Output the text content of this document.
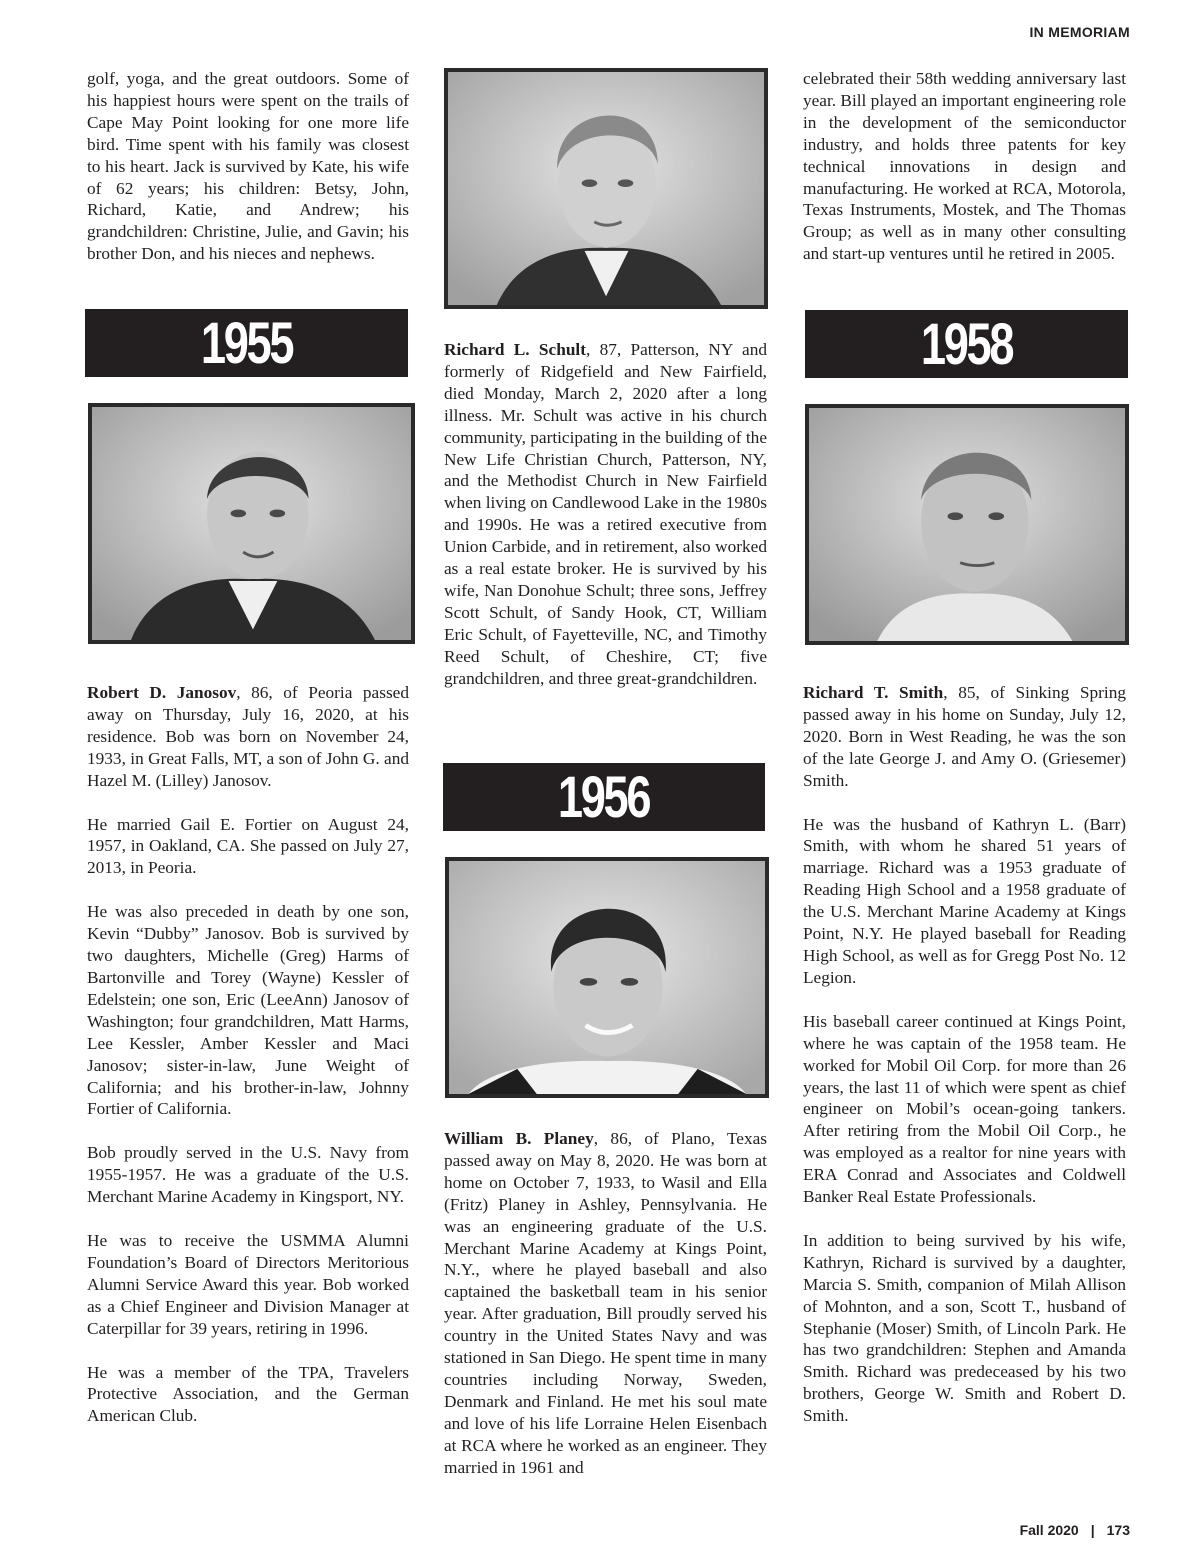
IN MEMORIAM

golf, yoga, and the great outdoors. Some of his happiest hours were spent on the trails of Cape May Point looking for one more life bird. Time spent with his family was closest to his heart. Jack is survived by Kate, his wife of 62 years; his children: Betsy, John, Richard, Katie, and Andrew; his grandchildren: Christine, Julie, and Gavin; his brother Don, and his nieces and nephews.

1955

Robert D. Janosov, 86, of Peoria passed away on Thursday, July 16, 2020, at his residence. Bob was born on November 24, 1933, in Great Falls, MT, a son of John G. and Hazel M. (Lilley) Janosov.

He married Gail E. Fortier on August 24, 1957, in Oakland, CA. She passed on July 27, 2013, in Peoria.

He was also preceded in death by one son, Kevin “Dubby” Janosov. Bob is survived by two daughters, Michelle (Greg) Harms of Bartonville and Torey (Wayne) Kessler of Edelstein; one son, Eric (LeeAnn) Janosov of Washington; four grandchildren, Matt Harms, Lee Kessler, Amber Kessler and Maci Janosov; sister-in-law, June Weight of California; and his brother-in-law, Johnny Fortier of California.

Bob proudly served in the U.S. Navy from 1955-1957. He was a graduate of the U.S. Merchant Marine Academy in Kingsport, NY.

He was to receive the USMMA Alumni Foundation’s Board of Directors Meritorious Alumni Service Award this year. Bob worked as a Chief Engineer and Division Manager at Caterpillar for 39 years, retiring in 1996.

He was a member of the TPA, Travelers Protective Association, and the German American Club.

Richard L. Schult, 87, Patterson, NY and formerly of Ridgefield and New Fairfield, died Monday, March 2, 2020 after a long illness. Mr. Schult was active in his church community, participating in the building of the New Life Christian Church, Patterson, NY, and the Methodist Church in New Fairfield when living on Candlewood Lake in the 1980s and 1990s. He was a retired executive from Union Carbide, and in retirement, also worked as a real estate broker. He is survived by his wife, Nan Donohue Schult; three sons, Jeffrey Scott Schult, of Sandy Hook, CT, William Eric Schult, of Fayetteville, NC, and Timothy Reed Schult, of Cheshire, CT; five grandchildren, and three great-grandchildren.

1956

William B. Planey, 86, of Plano, Texas passed away on May 8, 2020. He was born at home on October 7, 1933, to Wasil and Ella (Fritz) Planey in Ashley, Pennsylvania. He was an engineering graduate of the U.S. Merchant Marine Academy at Kings Point, N.Y., where he played baseball and also captained the basketball team in his senior year. After graduation, Bill proudly served his country in the United States Navy and was stationed in San Diego. He spent time in many countries including Norway, Sweden, Denmark and Finland. He met his soul mate and love of his life Lorraine Helen Eisenbach at RCA where he worked as an engineer. They married in 1961 and

celebrated their 58th wedding anniversary last year. Bill played an important engineering role in the development of the semiconductor industry, and holds three patents for key technical innovations in design and manufacturing. He worked at RCA, Motorola, Texas Instruments, Mostek, and The Thomas Group; as well as in many other consulting and start-up ventures until he retired in 2005.

1958

Richard T. Smith, 85, of Sinking Spring passed away in his home on Sunday, July 12, 2020. Born in West Reading, he was the son of the late George J. and Amy O. (Griesemer) Smith.

He was the husband of Kathryn L. (Barr) Smith, with whom he shared 51 years of marriage. Richard was a 1953 graduate of Reading High School and a 1958 graduate of the U.S. Merchant Marine Academy at Kings Point, N.Y. He played baseball for Reading High School, as well as for Gregg Post No. 12 Legion.

His baseball career continued at Kings Point, where he was captain of the 1958 team. He worked for Mobil Oil Corp. for more than 26 years, the last 11 of which were spent as chief engineer on Mobil’s ocean-going tankers. After retiring from the Mobil Oil Corp., he was employed as a realtor for nine years with ERA Conrad and Associates and Coldwell Banker Real Estate Professionals.

In addition to being survived by his wife, Kathryn, Richard is survived by a daughter, Marcia S. Smith, companion of Milah Allison of Mohnton, and a son, Scott T., husband of Stephanie (Moser) Smith, of Lincoln Park. He has two grandchildren: Stephen and Amanda Smith. Richard was predeceased by his two brothers, George W. Smith and Robert D. Smith.

Fall 2020 | 173
